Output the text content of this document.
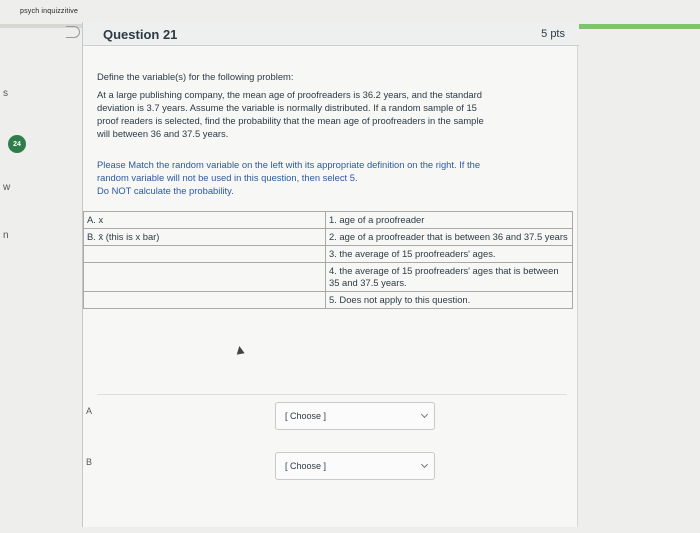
psych inquizzitive
s
24
w
n
Question 21	5 pts
Define the variable(s) for the following problem:
At a large publishing company, the mean age of proofreaders is 36.2 years, and the standard
deviation is 3.7 years. Assume the variable is normally distributed. If a random sample of 15
proof readers is selected, find the probability that the mean age of proofreaders in the sample
will between 36 and 37.5 years.
Please Match the random variable on the left with its appropriate definition on the right. If the
random variable will not be used in this question, then select 5.
Do NOT calculate the probability.
A. x	1. age of a proofreader
B. x̄ (this is x bar)	2. age of a proofreader that is between 36 and 37.5 years
	3. the average of 15 proofreaders' ages.
	4. the average of 15 proofreaders' ages that is between 35 and 37.5 years.
	5. Does not apply to this question.
A	[ Choose ]
B	[ Choose ]
